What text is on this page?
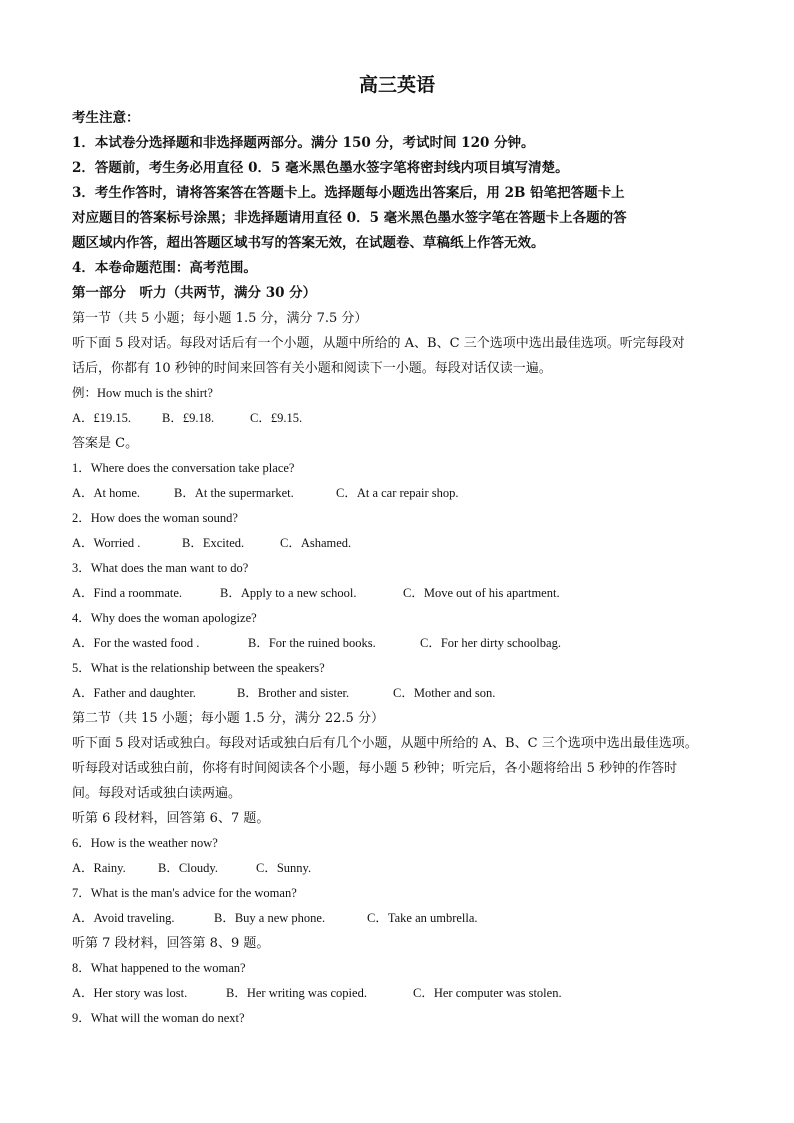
高三英语
考生注意：
1．本试卷分选择题和非选择题两部分。满分 150 分，考试时间 120 分钟。
2．答题前，考生务必用直径 0．5 毫米黑色墨水签字笔将密封线内项目填写清楚。
3．考生作答时，请将答案答在答题卡上。选择题每小题选出答案后，用 2B 铅笔把答题卡上
对应题目的答案标号涂黑；非选择题请用直径 0．5 毫米黑色墨水签字笔在答题卡上各题的答
题区域内作答，超出答题区域书写的答案无效，在试题卷、草稿纸上作答无效。
4．本卷命题范围：高考范围。
第一部分　听力（共两节，满分 30 分）
第一节（共 5 小题；每小题 1.5 分，满分 7.5 分）
听下面 5 段对话。每段对话后有一个小题，从题中所给的 A、B、C 三个选项中选出最佳选项。听完每段对
话后，你都有 10 秒钟的时间来回答有关小题和阅读下一小题。每段对话仅读一遍。
例：How much is the shirt?
A．£19.15. B．£9.18.	C．£9.15.
答案是 C。
1．Where does the conversation take place?
A．At home.	B．At the supermarket.	C．At a car repair shop.
2．How does the woman sound?
A．Worried .	B．Excited.	C．Ashamed.
3．What does the man want to do?
A．Find a roommate.	B．Apply to a new school.	C．Move out of his apartment.
4．Why does the woman apologize?
A．For the wasted food .	B．For the ruined books.	C．For her dirty schoolbag.
5．What is the relationship between the speakers?
A．Father and daughter.	B．Brother and sister.	C．Mother and son.
第二节（共 15 小题；每小题 1.5 分，满分 22.5 分）
听下面 5 段对话或独白。每段对话或独白后有几个小题，从题中所给的 A、B、C 三个选项中选出最佳选项。
听每段对话或独白前，你将有时间阅读各个小题，每小题 5 秒钟；听完后，各小题将给出 5 秒钟的作答时
间。每段对话或独白读两遍。
听第 6 段材料，回答第 6、7 题。
6．How is the weather now?
A．Rainy.	B．Cloudy.	C．Sunny.
7．What is the man's advice for the woman?
A．Avoid traveling.	B．Buy a new phone.	C．Take an umbrella.
听第 7 段材料，回答第 8、9 题。
8．What happened to the woman?
A．Her story was lost.	B．Her writing was copied.	C．Her computer was stolen.
9．What will the woman do next?
